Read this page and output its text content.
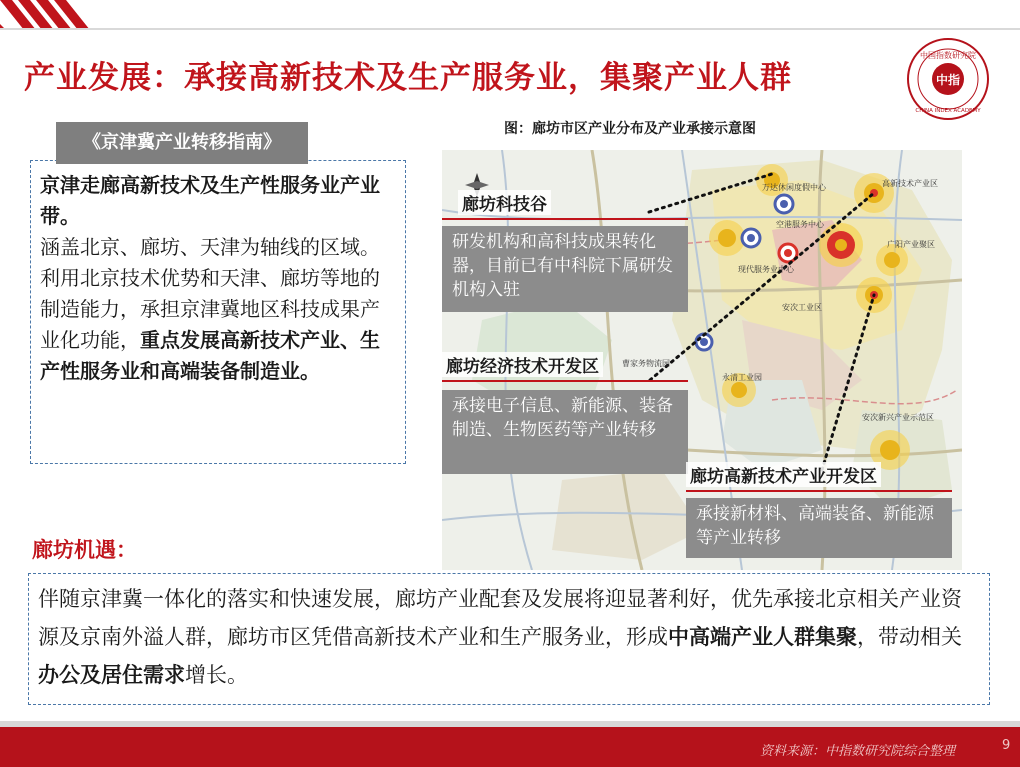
产业发展：承接高新技术及生产服务业，集聚产业人群	中指
中国指数研究院
CHINA INDEX ACADEMY
《京津冀产业转移指南》
京津走廊高新技术及生产性服务业产业带。
涵盖北京、廊坊、天津为轴线的区域。利用北京技术优势和天津、廊坊等地的制造能力，承担京津冀地区科技成果产业化功能，重点发展高新技术产业、生产性服务业和高端装备制造业。
图：廊坊市区产业分布及产业承接示意图
万达休闲度假中心
空港服务中心
现代服务业中心
广阳产业聚区
安次工业区
永清工业园
曹家务物流园
安次新兴产业示范区
高新技术产业区
廊坊科技谷
研发机构和高科技成果转化器，目前已有中科院下属研发机构入驻
廊坊经济技术开发区
承接电子信息、新能源、装备制造、生物医药等产业转移
廊坊高新技术产业开发区
承接新材料、高端装备、新能源等产业转移
廊坊机遇：
伴随京津冀一体化的落实和快速发展，廊坊产业配套及发展将迎显著利好，优先承接北京相关产业资源及京南外溢人群，廊坊市区凭借高新技术产业和生产服务业，形成中高端产业人群集聚，带动相关办公及居住需求增长。
资料来源：中指数研究院综合整理	9
